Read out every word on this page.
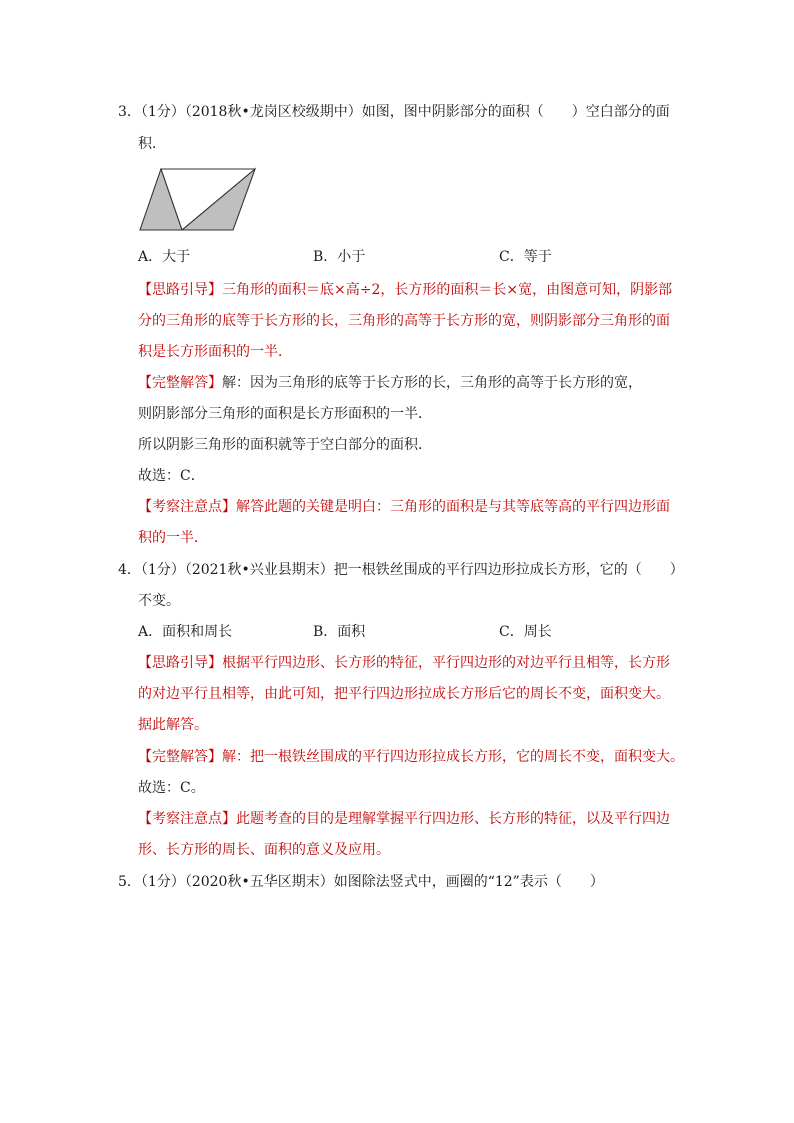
3．（1分）（2018秋•龙岗区校级期中）如图，图中阴影部分的面积（　　）空白部分的面
积．
A．大于	B．小于	C．等于
【思路引导】三角形的面积＝底×高÷2，长方形的面积＝长×宽，由图意可知，阴影部
分的三角形的底等于长方形的长，三角形的高等于长方形的宽，则阴影部分三角形的面
积是长方形面积的一半．
【完整解答】解：因为三角形的底等于长方形的长，三角形的高等于长方形的宽，
则阴影部分三角形的面积是长方形面积的一半．
所以阴影三角形的面积就等于空白部分的面积．
故选：C．
【考察注意点】解答此题的关键是明白：三角形的面积是与其等底等高的平行四边形面
积的一半．
4．（1分）（2021秋•兴业县期末）把一根铁丝围成的平行四边形拉成长方形，它的（　　）
不变。
A．面积和周长	B．面积	C．周长
【思路引导】根据平行四边形、长方形的特征，平行四边形的对边平行且相等，长方形
的对边平行且相等，由此可知，把平行四边形拉成长方形后它的周长不变，面积变大。
据此解答。
【完整解答】解：把一根铁丝围成的平行四边形拉成长方形，它的周长不变，面积变大。
故选：C。
【考察注意点】此题考查的目的是理解掌握平行四边形、长方形的特征，以及平行四边
形、长方形的周长、面积的意义及应用。
5．（1分）（2020秋•五华区期末）如图除法竖式中，画圈的“12”表示（　　）
